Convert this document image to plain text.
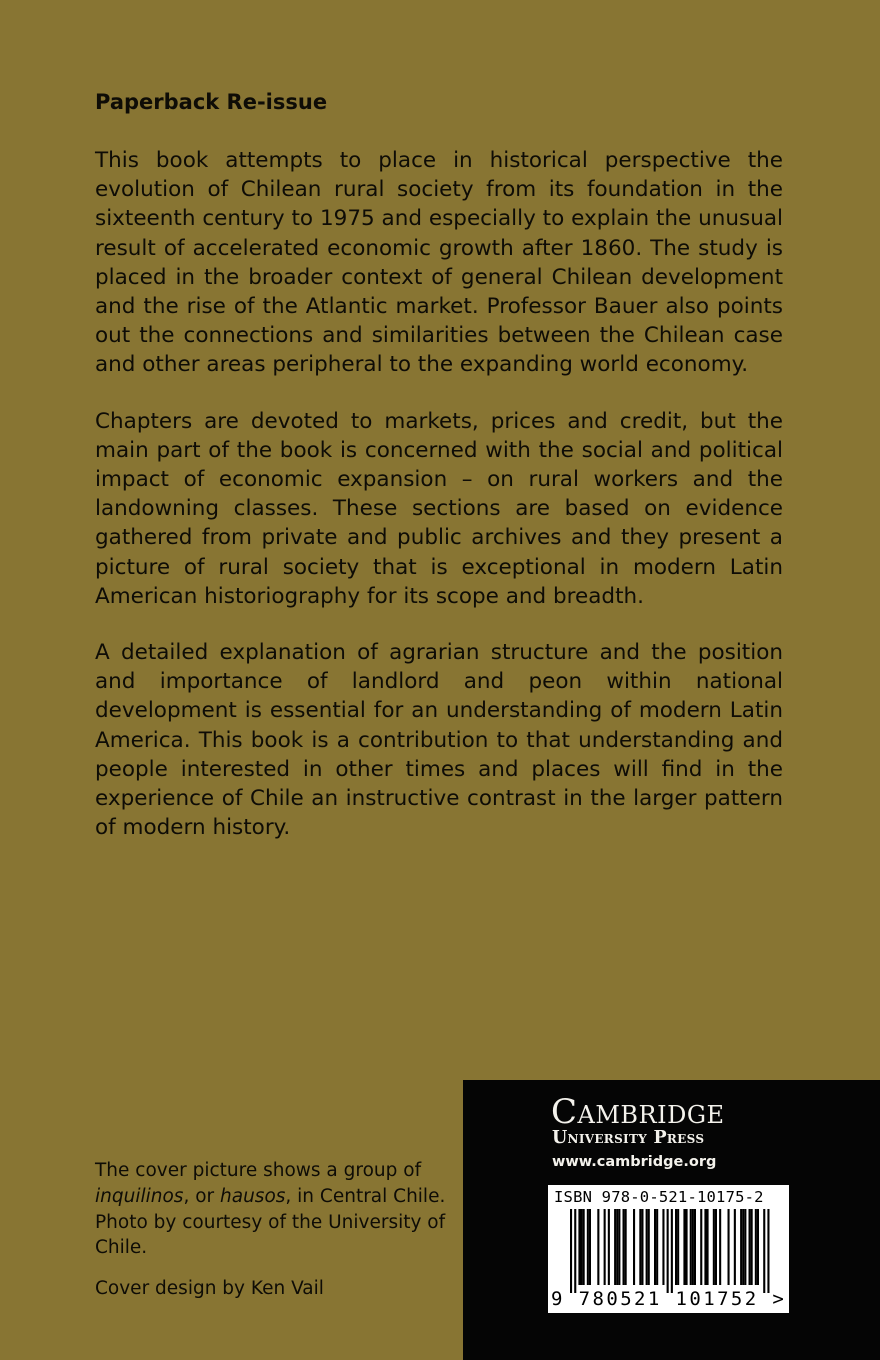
Paperback Re-issue

This book attempts to place in historical perspective the evolution of Chilean rural society from its foundation in the sixteenth century to 1975 and especially to explain the unusual result of accelerated economic growth after 1860. The study is placed in the broader context of general Chilean development and the rise of the Atlantic market. Professor Bauer also points out the connections and similarities between the Chilean case and other areas peripheral to the expanding world economy.

Chapters are devoted to markets, prices and credit, but the main part of the book is concerned with the social and political impact of economic expansion – on rural workers and the landowning classes. These sections are based on evidence gathered from private and public archives and they present a picture of rural society that is exceptional in modern Latin American historiography for its scope and breadth.

A detailed explanation of agrarian structure and the position and importance of landlord and peon within national development is essential for an understanding of modern Latin America. This book is a contribution to that understanding and people interested in other times and places will find in the experience of Chile an instructive contrast in the larger pattern of modern history.

The cover picture shows a group of inquilinos, or hausos, in Central Chile. Photo by courtesy of the University of Chile.

Cover design by Ken Vail

Cambridge
University Press
www.cambridge.org
ISBN 978-0-521-10175-2
9 780521 101752 >
